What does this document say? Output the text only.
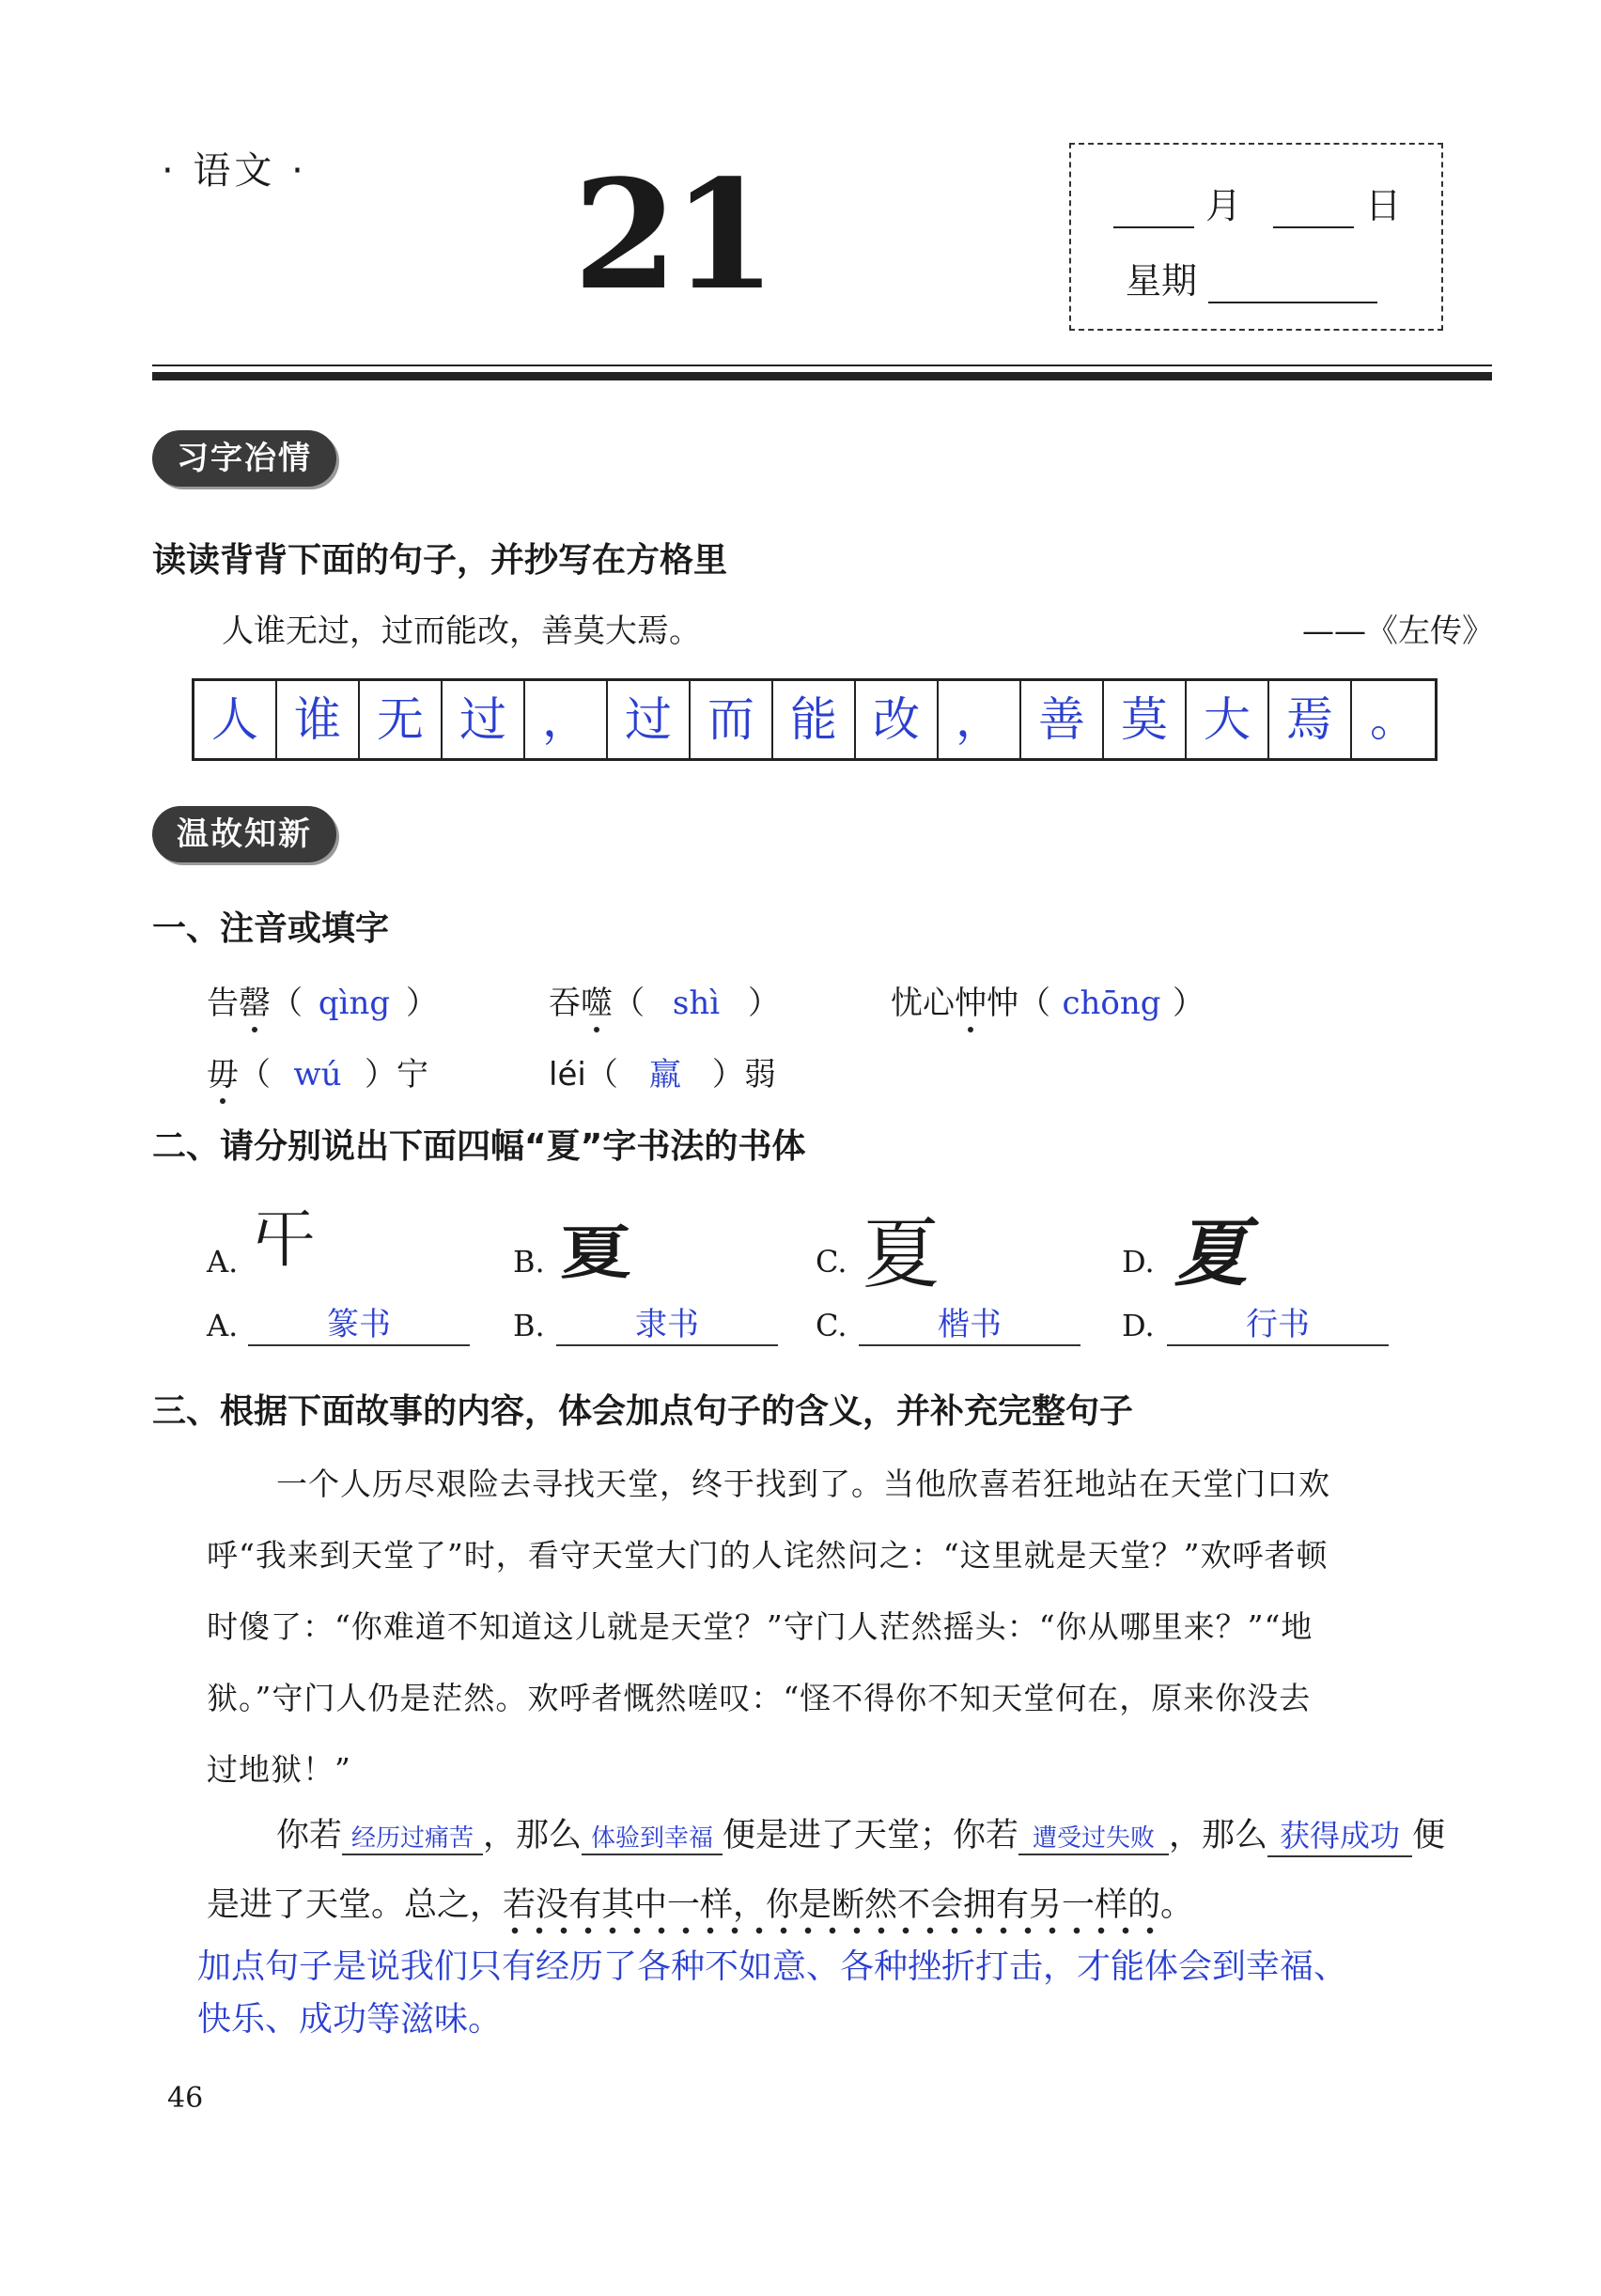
· 语文 · 21	月	日
星期
习字冶情
读读背背下面的句子，并抄写在方格里
人谁无过，过而能改，善莫大焉。	——《左传》
人 谁 无 过 ， 过 而 能 改 ， 善 莫 大 焉 。
温故知新
一、注音或填字
告罄（ qìng ）	吞噬（ shì ）	忧心忡忡（ chōng ）
毋（ wú ）宁	léi（ 羸 ）弱
二、请分别说出下面四幅“夏”字书法的书体
A. 𡕒	B. 夏	C. 夏	D. 夏
A.	篆书	B.	隶书	C.	楷书	D.	行书
三、根据下面故事的内容，体会加点句子的含义，并补充完整句子
一个人历尽艰险去寻找天堂，终于找到了。当他欣喜若狂地站在天堂门口欢
呼“我来到天堂了”时，看守天堂大门的人诧然问之：“这里就是天堂？”欢呼者顿
时傻了：“你难道不知道这儿就是天堂？”守门人茫然摇头：“你从哪里来？”“地
狱。”守门人仍是茫然。欢呼者慨然嗟叹：“怪不得你不知天堂何在，原来你没去
过地狱！”
你若 经历过痛苦 ，那么 体验到幸福 便是进了天堂；你若 遭受过失败 ，那么 获得成功 便
是进了天堂。总之，若没有其中一样，你是断然不会拥有另一样的。
加点句子是说我们只有经历了各种不如意、各种挫折打击，才能体会到幸福、
快乐、成功等滋味。
46
